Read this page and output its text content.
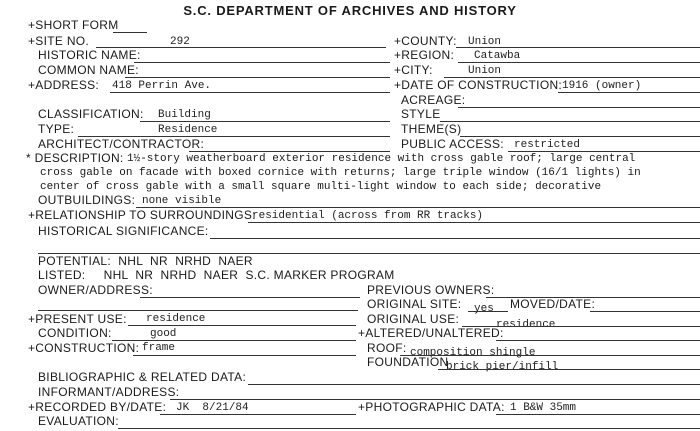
S.C. DEPARTMENT OF ARCHIVES AND HISTORY
+SHORT FORM
+SITE NO.	292
HISTORIC NAME:
COMMON NAME:
+ADDRESS: 418 Perrin Ave.
CLASSIFICATION: Building
TYPE:	Residence
ARCHITECT/CONTRACTOR:
* DESCRIPTION: 1½-story weatherboard exterior residence with cross gable roof; large central
cross gable on facade with boxed cornice with returns; large triple window (16/1 lights) in
center of cross gable with a small square multi-light window to each side; decorative
OUTBUILDINGS: none visible
+RELATIONSHIP TO SURROUNDINGS:
residential (across from RR tracks)
HISTORICAL SIGNIFICANCE:
POTENTIAL:  NHL  NR  NRHD  NAER
LISTED:     NHL  NR  NRHD  NAER  S.C. MARKER PROGRAM
OWNER/ADDRESS:
+PRESENT USE: residence
CONDITION:	good
+CONSTRUCTION: frame
BIBLIOGRAPHIC & RELATED DATA:
INFORMANT/ADDRESS:
+RECORDED BY/DATE: JK  8/21/84
EVALUATION:
+COUNTY: Union
+REGION: Catawba
+CITY:	Union
+DATE OF CONSTRUCTION: 1916 (owner)
ACREAGE:
STYLE
THEME(S)
PUBLIC ACCESS: restricted
PREVIOUS OWNERS:
ORIGINAL SITE: yes MOVED/DATE:
ORIGINAL USE:	residence
+ALTERED/UNALTERED:
ROOF: composition shingle
FOUNDATION
brick pier/infill
+PHOTOGRAPHIC DATA: 1 B&W 35mm
